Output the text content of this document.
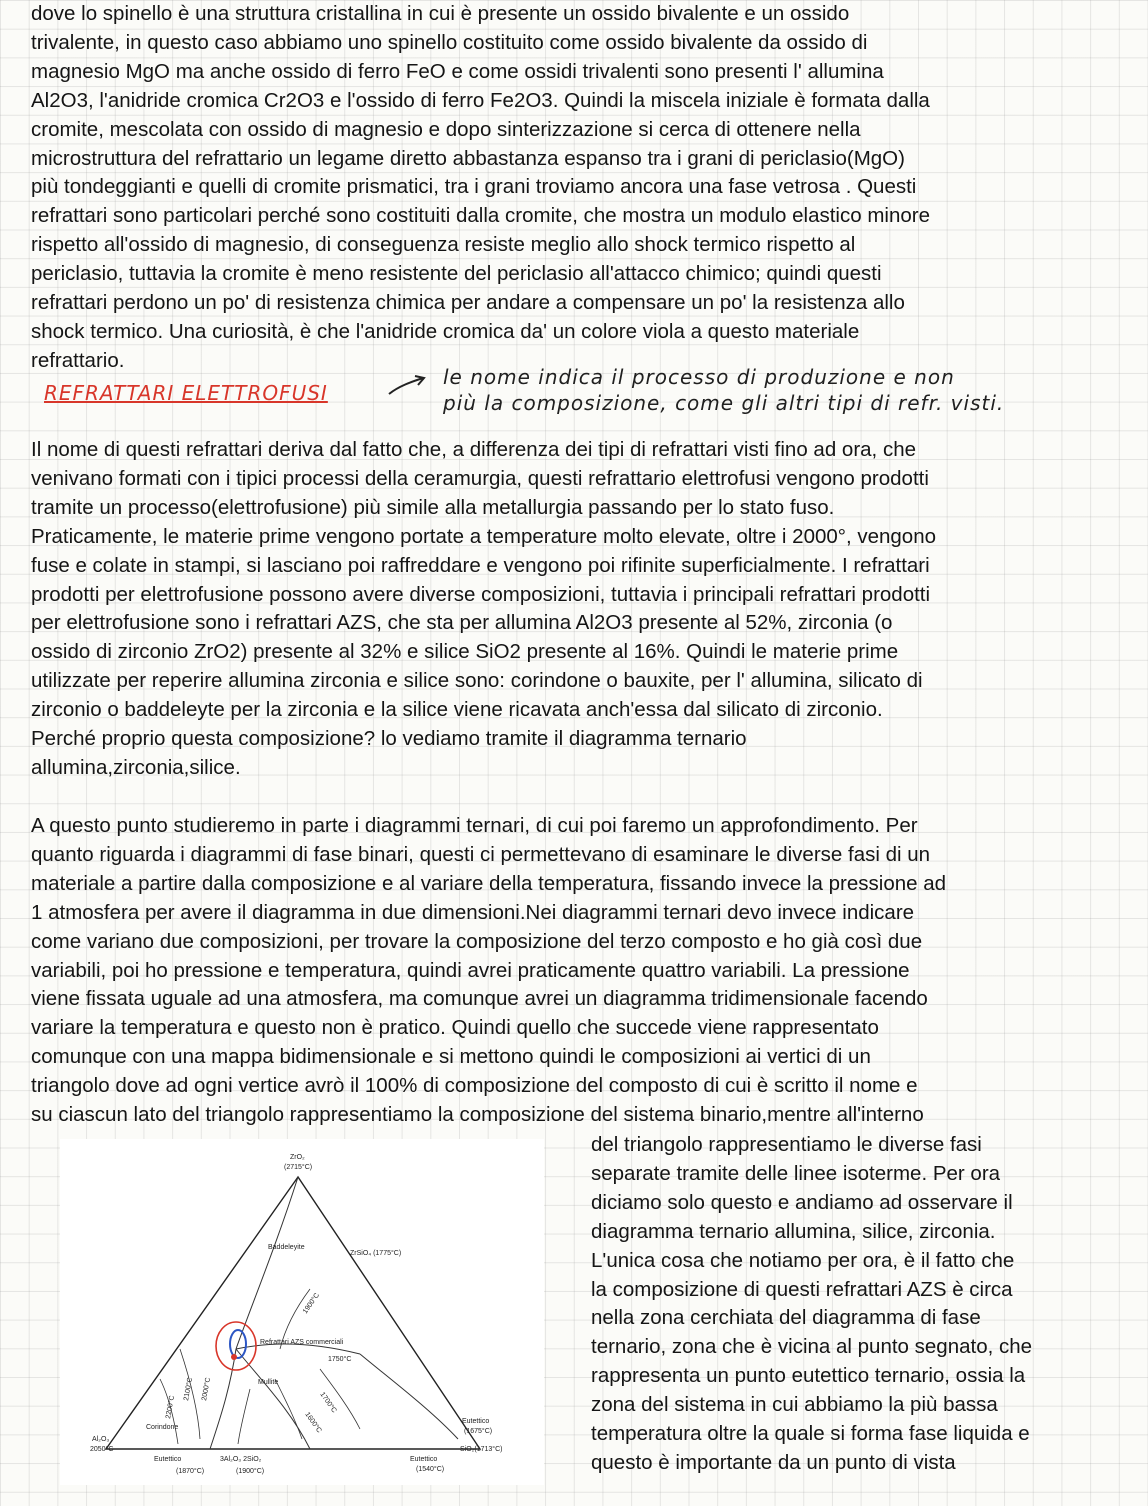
dove lo spinello è una struttura cristallina in cui è presente un ossido bivalente e un ossido
trivalente, in questo caso abbiamo uno spinello costituito come ossido bivalente da ossido di
magnesio MgO ma anche ossido di ferro FeO e come ossidi trivalenti sono presenti l' allumina
Al2O3, l'anidride cromica Cr2O3 e l'ossido di ferro Fe2O3. Quindi la miscela iniziale è formata dalla
cromite, mescolata con ossido di magnesio e dopo sinterizzazione si cerca di ottenere nella
microstruttura del refrattario un legame diretto abbastanza espanso tra i grani di periclasio(MgO)
più tondeggianti e quelli di cromite prismatici, tra i grani troviamo ancora una fase vetrosa . Questi
refrattari sono particolari perché sono costituiti dalla cromite, che mostra un modulo elastico minore
rispetto all'ossido di magnesio, di conseguenza resiste meglio allo shock termico rispetto al
periclasio, tuttavia la cromite è meno resistente del periclasio all'attacco chimico; quindi questi
refrattari perdono un po' di resistenza chimica per andare a compensare un po' la resistenza allo
shock termico. Una curiosità, è che l'anidride cromica da' un colore viola a questo materiale
refrattario.

REFRATTARI ELETTROFUSI
le nome indica il processo di produzione e non
più la composizione, come gli altri tipi di refr. visti.

Il nome di questi refrattari deriva dal fatto che, a differenza dei tipi di refrattari visti fino ad ora, che
venivano formati con i tipici processi della ceramurgia, questi refrattario elettrofusi vengono prodotti
tramite un processo(elettrofusione) più simile alla metallurgia passando per lo stato fuso.
Praticamente, le materie prime vengono portate a temperature molto elevate, oltre i 2000°, vengono
fuse e colate in stampi, si lasciano poi raffreddare e vengono poi rifinite superficialmente. I refrattari
prodotti per elettrofusione possono avere diverse composizioni, tuttavia i principali refrattari prodotti
per elettrofusione sono i refrattari AZS, che sta per allumina Al2O3 presente al 52%, zirconia (o
ossido di zirconio ZrO2) presente al 32% e silice SiO2 presente al 16%. Quindi le materie prime
utilizzate per reperire allumina zirconia e silice sono: corindone o bauxite, per l' allumina, silicato di
zirconio o baddeleyte per la zirconia e la silice viene ricavata anch'essa dal silicato di zirconio.
Perché proprio questa composizione? lo vediamo tramite il diagramma ternario
allumina,zirconia,silice.

A questo punto studieremo in parte i diagrammi ternari, di cui poi faremo un approfondimento. Per
quanto riguarda i diagrammi di fase binari, questi ci permettevano di esaminare le diverse fasi di un
materiale a partire dalla composizione e al variare della temperatura, fissando invece la pressione ad
1 atmosfera per avere il diagramma in due dimensioni.Nei diagrammi ternari devo invece indicare
come variano due composizioni, per trovare la composizione del terzo composto e ho già così due
variabili, poi ho pressione e temperatura, quindi avrei praticamente quattro variabili. La pressione
viene fissata uguale ad una atmosfera, ma comunque avrei un diagramma tridimensionale facendo
variare la temperatura e questo non è pratico. Quindi quello che succede viene rappresentato
comunque con una mappa bidimensionale e si mettono quindi le composizioni ai vertici di un
triangolo dove ad ogni vertice avrò il 100% di composizione del composto di cui è scritto il nome e
su ciascun lato del triangolo rappresentiamo la composizione del sistema binario,mentre all'interno

ZrO₂
(2715°C)
Baddeleyite
ZrSiO₄ (1775°C)
Refrattari AZS commerciali
1750°C
1900°C
Mullite
1700°C
1600°C
2000°C
2100°C
2200°C
Corindone
Al₂O₃
2050°C	SiO₂(1713°C)
Eutettico
(1870°C)
3Al₂O₃ 2SiO₂
(1900°C)
Eutettico
(1540°C)
Eutettico
(1675°C)
del triangolo rappresentiamo le diverse fasi
separate tramite delle linee isoterme. Per ora
diciamo solo questo e andiamo ad osservare il
diagramma ternario allumina, silice, zirconia.
L'unica cosa che notiamo per ora, è il fatto che
la composizione di questi refrattari AZS è circa
nella zona cerchiata del diagramma di fase
ternario, zona che è vicina al punto segnato, che
rappresenta un punto eutettico ternario, ossia la
zona del sistema in cui abbiamo la più bassa
temperatura oltre la quale si forma fase liquida e
questo è importante da un punto di vista
